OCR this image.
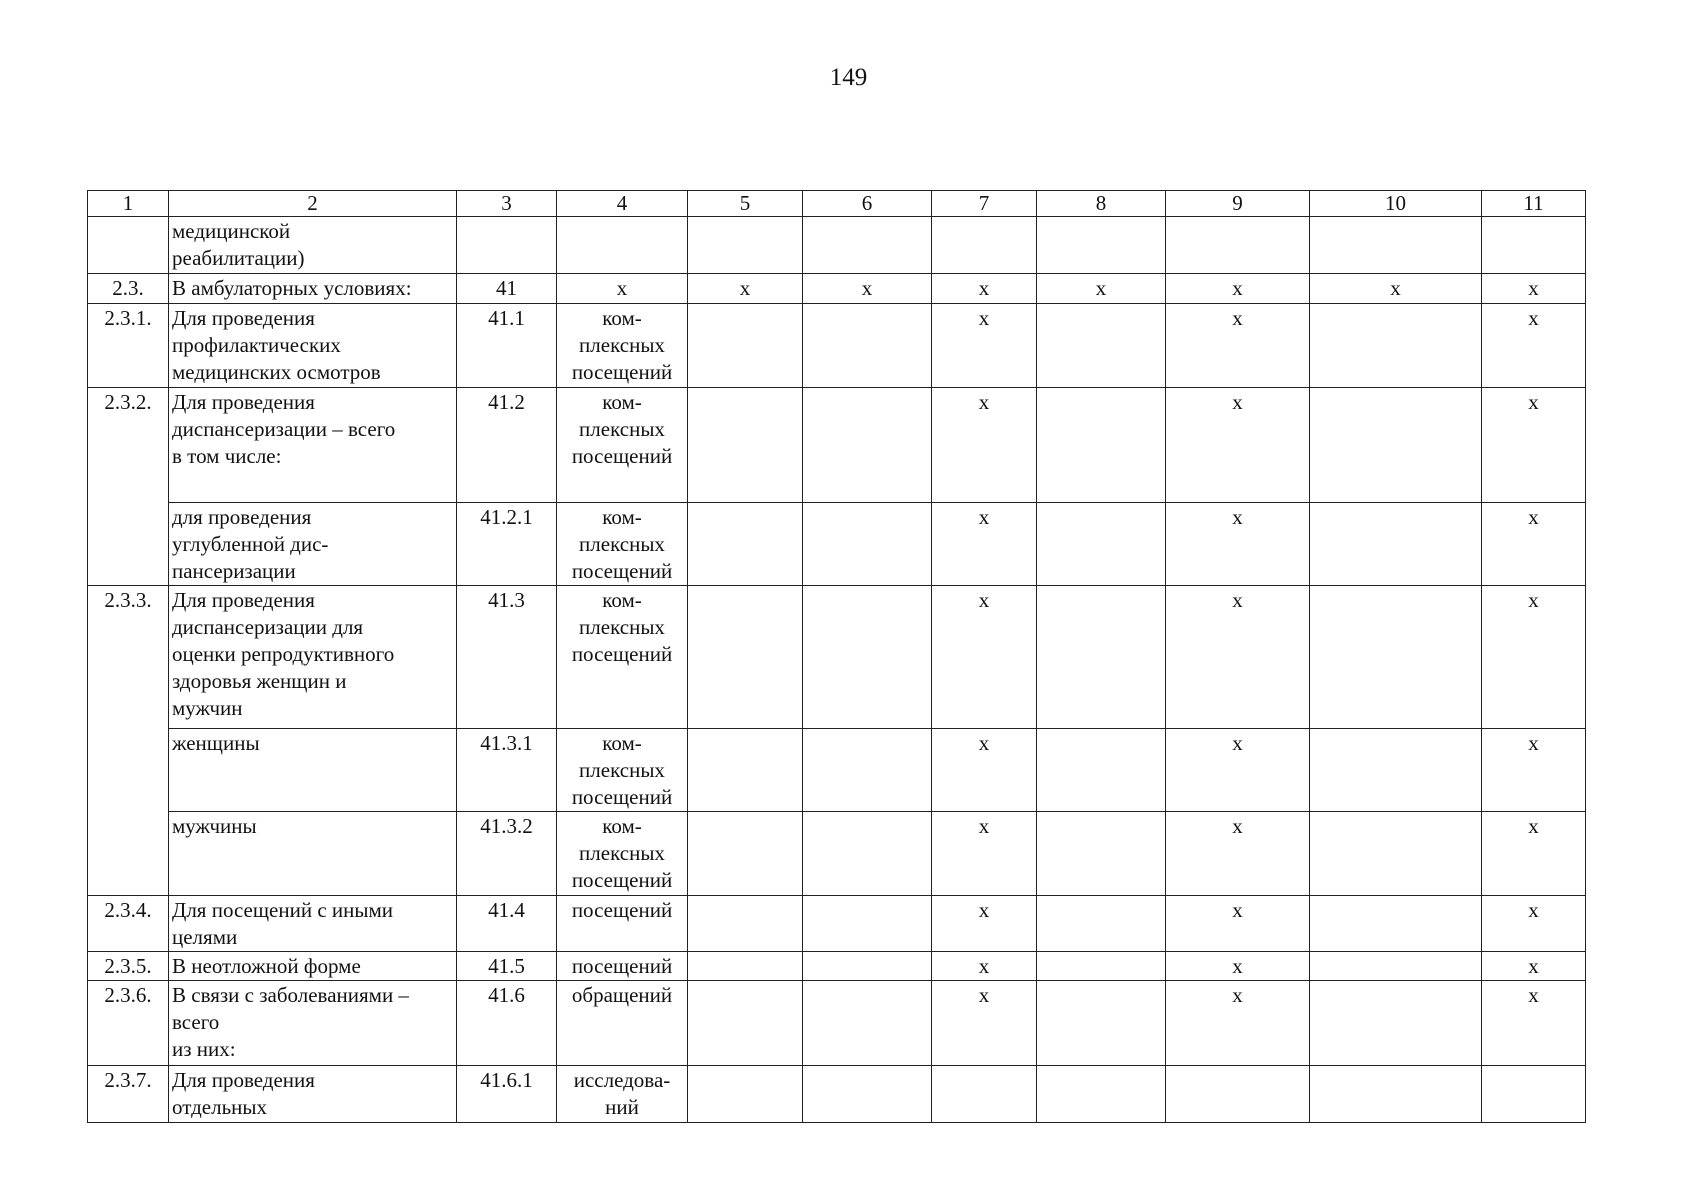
149
1	2	3	4	5	6	7	8	9	10	11
	медицинской
реабилитации)									
2.3.	В амбулаторных условиях:	41	х	х	х	х	х	х	х	х
2.3.1.	Для проведения
профилактических
медицинских осмотров	41.1	ком-
плексных
посещений			х		х		х
2.3.2.	Для проведения
диспансеризации – всего
в том числе:	41.2	ком-
плексных
посещений			х		х		х
	для проведения
углубленной дис-
пансеризации	41.2.1	ком-
плексных
посещений			х		х		х
2.3.3.	Для проведения
диспансеризации для
оценки репродуктивного
здоровья женщин и
мужчин	41.3	ком-
плексных
посещений			х		х		х
	женщины	41.3.1	ком-
плексных
посещений			х		х		х
	мужчины	41.3.2	ком-
плексных
посещений			х		х		х
2.3.4.	Для посещений с иными
целями	41.4	посещений			х		х		х
2.3.5.	В неотложной форме	41.5	посещений			х		х		х
2.3.6.	В связи с заболеваниями –
всего
из них:	41.6	обращений			х		х		х
2.3.7.	Для проведения
отдельных	41.6.1	исследова-
ний							
